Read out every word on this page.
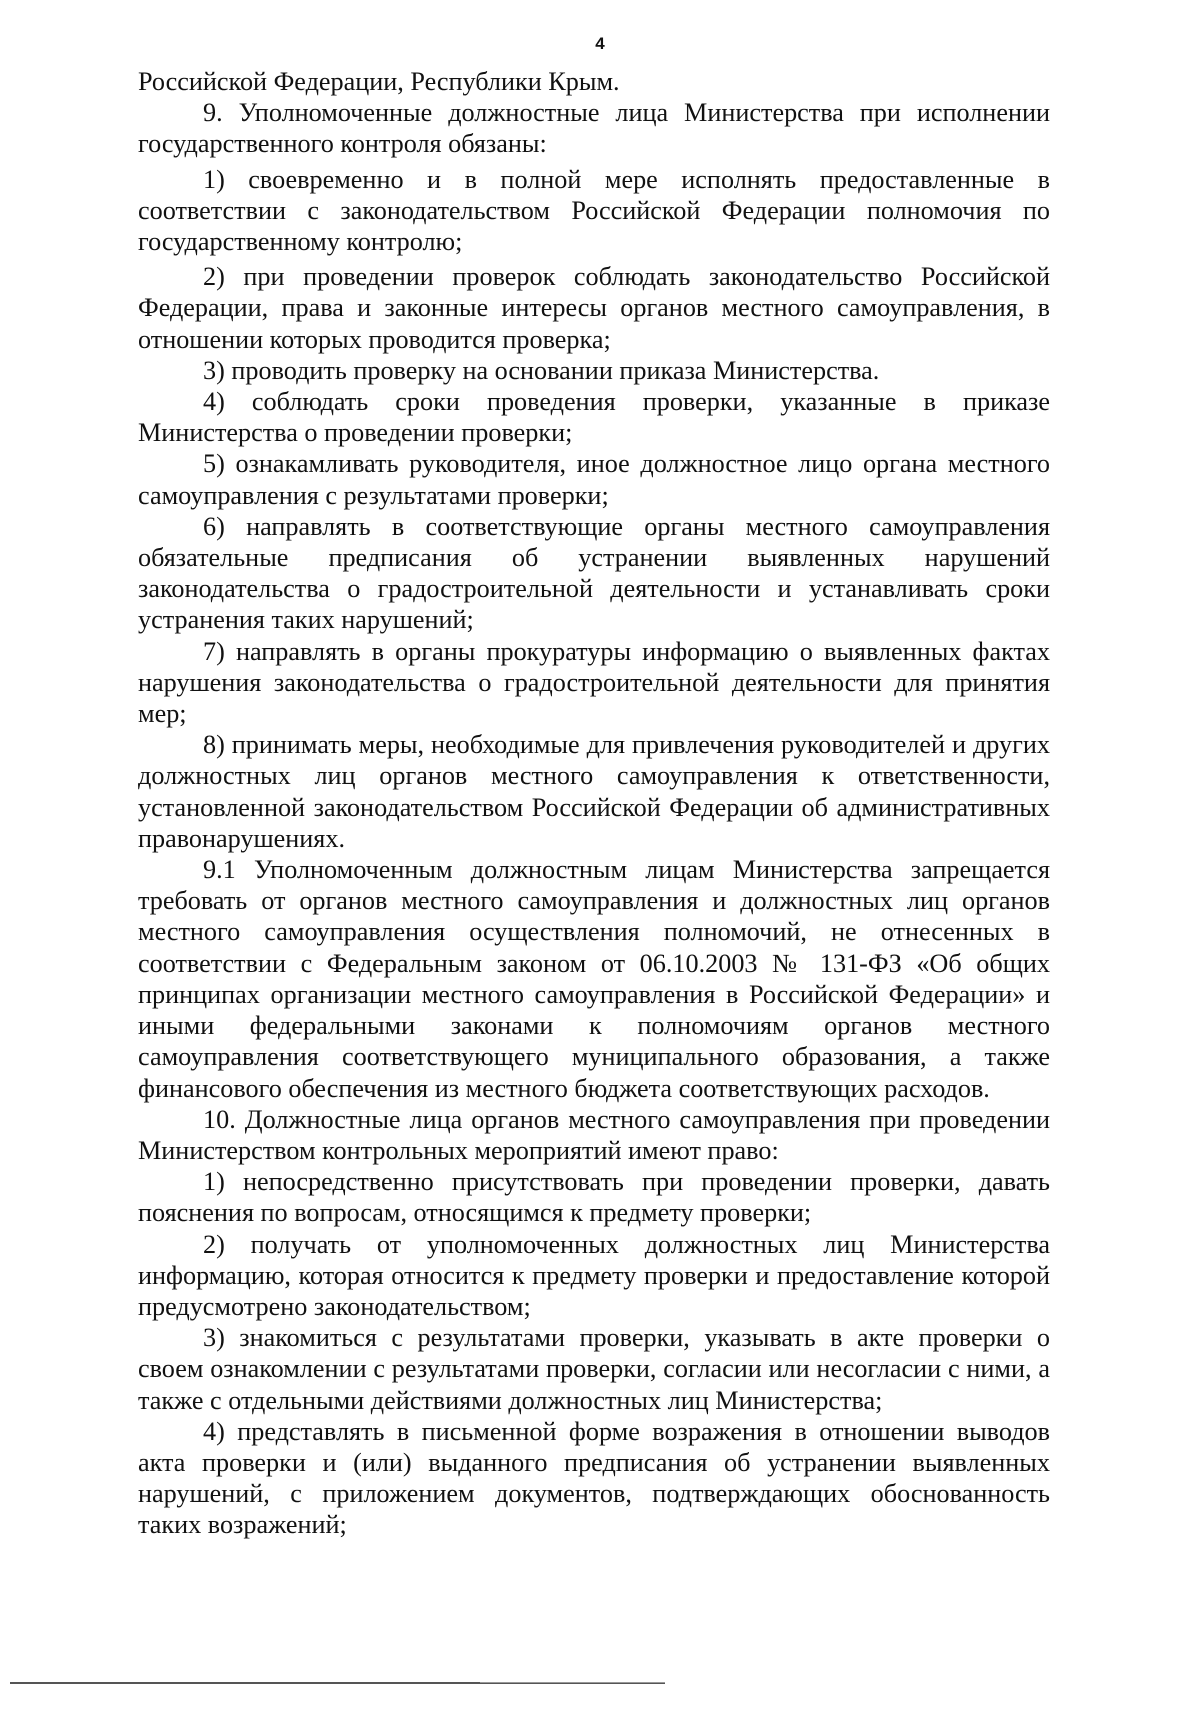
4

Российской Федерации, Республики Крым.

9. Уполномоченные должностные лица Министерства при исполнении государственного контроля обязаны:

1) своевременно и в полной мере исполнять предоставленные в соответствии с законодательством Российской Федерации полномочия по государственному контролю;

2) при проведении проверок соблюдать законодательство Российской Федерации, права и законные интересы органов местного самоуправления, в отношении которых проводится проверка;

3) проводить проверку на основании приказа Министерства.

4) соблюдать сроки проведения проверки, указанные в приказе Министерства о проведении проверки;

5) ознакамливать руководителя, иное должностное лицо органа местного самоуправления с результатами проверки;

6) направлять в соответствующие органы местного самоуправления обязательные предписания об устранении выявленных нарушений законодательства о градостроительной деятельности и устанавливать сроки устранения таких нарушений;

7) направлять в органы прокуратуры информацию о выявленных фактах нарушения законодательства о градостроительной деятельности для принятия мер;

8) принимать меры, необходимые для привлечения руководителей и других должностных лиц органов местного самоуправления к ответственности, установленной законодательством Российской Федерации об административных правонарушениях.

9.1 Уполномоченным должностным лицам Министерства запрещается требовать от органов местного самоуправления и должностных лиц органов местного самоуправления осуществления полномочий, не отнесенных в соответствии с Федеральным законом от 06.10.2003 № 131-ФЗ «Об общих принципах организации местного самоуправления в Российской Федерации» и иными федеральными законами к полномочиям органов местного самоуправления соответствующего муниципального образования, а также финансового обеспечения из местного бюджета соответствующих расходов.

10. Должностные лица органов местного самоуправления при проведении Министерством контрольных мероприятий имеют право:

1) непосредственно присутствовать при проведении проверки, давать пояснения по вопросам, относящимся к предмету проверки;

2) получать от уполномоченных должностных лиц Министерства информацию, которая относится к предмету проверки и предоставление которой предусмотрено законодательством;

3) знакомиться с результатами проверки, указывать в акте проверки о своем ознакомлении с результатами проверки, согласии или несогласии с ними, а также с отдельными действиями должностных лиц Министерства;

4) представлять в письменной форме возражения в отношении выводов акта проверки и (или) выданного предписания об устранении выявленных нарушений, с приложением документов, подтверждающих обоснованность таких возражений;
